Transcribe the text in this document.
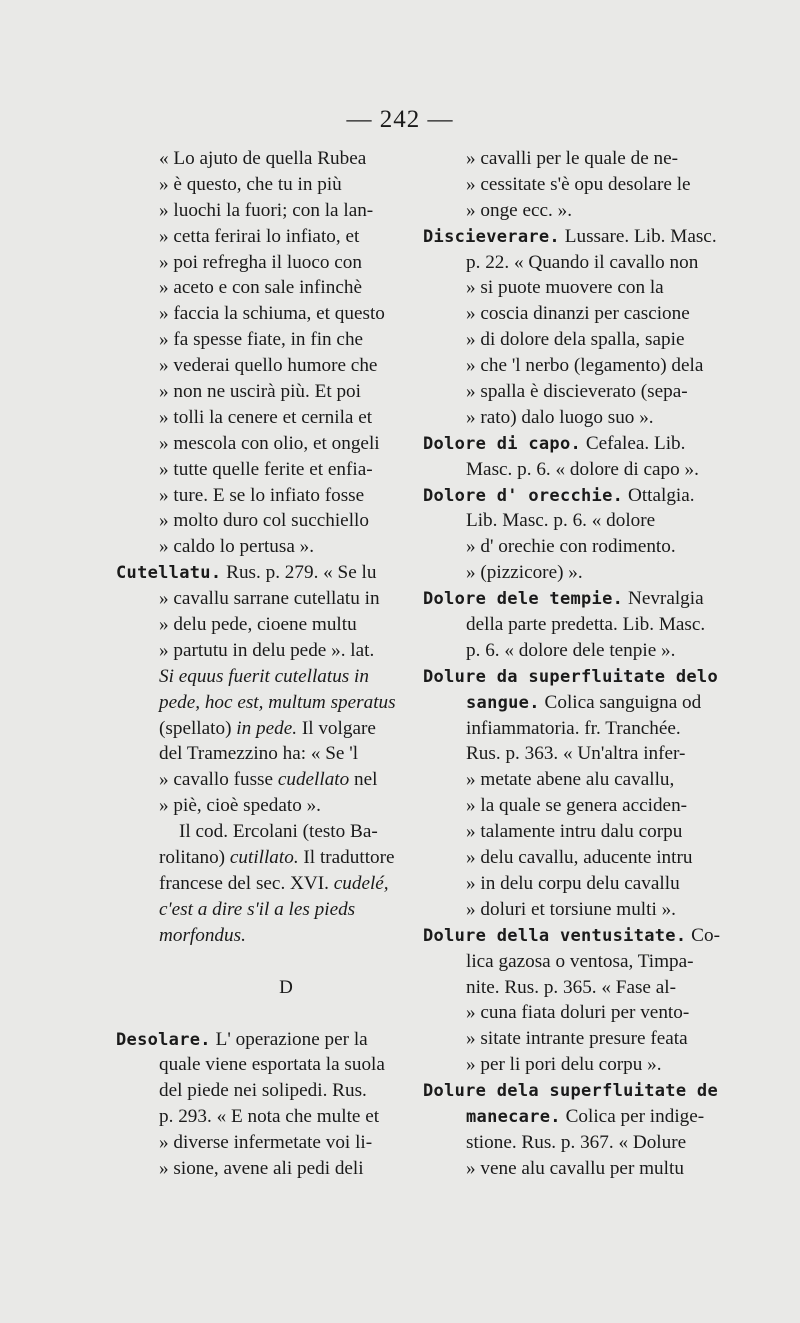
— 242 —
« Lo ajuto de quella Rubea
» è questo, che tu in più
» luochi la fuori; con la lan-
» cetta ferirai lo infiato, et
» poi refregha il luoco con
» aceto e con sale infinchè
» faccia la schiuma, et questo
» fa spesse fiate, in fin che
» vederai quello humore che
» non ne uscirà più. Et poi
» tolli la cenere et cernila et
» mescola con olio, et ongeli
» tutte quelle ferite et enfia-
» ture. E se lo infiato fosse
» molto duro col succhiello
» caldo lo pertusa ».
Cutellatu. Rus. p. 279. « Se lu
» cavallu sarrane cutellatu in
» delu pede, cioene multu
» partutu in delu pede ». lat.
Si equus fuerit cutellatus in
pede, hoc est, multum speratus
(spellato) in pede. Il volgare
del Tramezzino ha: « Se 'l
» cavallo fusse cudellato nel
» piè, cioè spedato ».
Il cod. Ercolani (testo Ba-
rolitano) cutillato. Il traduttore
francese del sec. XVI. cudelé,
c'est a dire s'il a les pieds
morfondus.
D
Desolare. L' operazione per la
quale viene esportata la suola
del piede nei solipedi. Rus.
p. 293. « E nota che multe et
» diverse infermetate voi li-
» sione, avene ali pedi deli
» cavalli per le quale de ne-
» cessitate s'è opu desolare le
» onge ecc. ».
Discieverare. Lussare. Lib. Masc.
p. 22. « Quando il cavallo non
» si puote muovere con la
» coscia dinanzi per cascione
» di dolore dela spalla, sapie
» che 'l nerbo (legamento) dela
» spalla è discieverato (sepa-
» rato) dalo luogo suo ».
Dolore di capo. Cefalea. Lib.
Masc. p. 6. « dolore di capo ».
Dolore d' orecchie. Ottalgia.
Lib. Masc. p. 6. « dolore
» d' orechie con rodimento.
» (pizzicore) ».
Dolore dele tempie. Nevralgia
della parte predetta. Lib. Masc.
p. 6. « dolore dele tenpie ».
Dolure da superfluitate delo
sangue. Colica sanguigna od
infiammatoria. fr. Tranchée.
Rus. p. 363. « Un'altra infer-
» metate abene alu cavallu,
» la quale se genera acciden-
» talamente intru dalu corpu
» delu cavallu, aducente intru
» in delu corpu delu cavallu
» doluri et torsiune multi ».
Dolure della ventusitate. Co-
lica gazosa o ventosa, Timpa-
nite. Rus. p. 365. « Fase al-
» cuna fiata doluri per vento-
» sitate intrante presure feata
» per li pori delu corpu ».
Dolure dela superfluitate de
manecare. Colica per indige-
stione. Rus. p. 367. « Dolure
» vene alu cavallu per multu
